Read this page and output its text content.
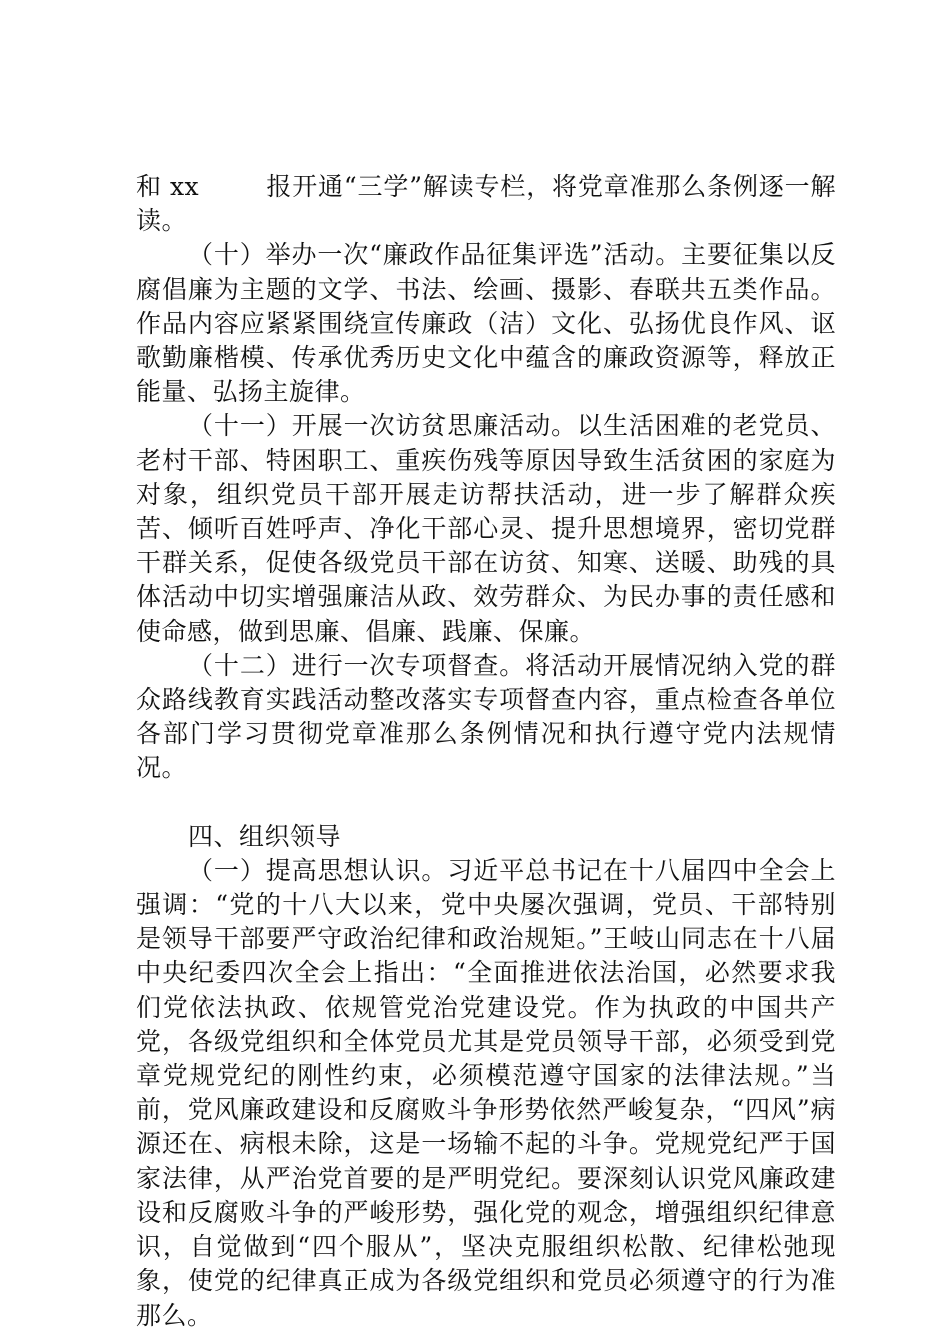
和 xx	报开通“三学”解读专栏，将党章准那么条例逐一解读。

（十）举办一次“廉政作品征集评选”活动。主要征集以反腐倡廉为主题的文学、书法、绘画、摄影、春联共五类作品。作品内容应紧紧围绕宣传廉政（洁）文化、弘扬优良作风、讴歌勤廉楷模、传承优秀历史文化中蕴含的廉政资源等，释放正能量、弘扬主旋律。

（十一）开展一次访贫思廉活动。以生活困难的老党员、老村干部、特困职工、重疾伤残等原因导致生活贫困的家庭为对象，组织党员干部开展走访帮扶活动，进一步了解群众疾苦、倾听百姓呼声、净化干部心灵、提升思想境界，密切党群干群关系，促使各级党员干部在访贫、知寒、送暖、助残的具体活动中切实增强廉洁从政、效劳群众、为民办事的责任感和使命感，做到思廉、倡廉、践廉、保廉。

（十二）进行一次专项督查。将活动开展情况纳入党的群众路线教育实践活动整改落实专项督查内容，重点检查各单位各部门学习贯彻党章准那么条例情况和执行遵守党内法规情况。

四、组织领导

（一）提高思想认识。习近平总书记在十八届四中全会上强调：“党的十八大以来，党中央屡次强调，党员、干部特别是领导干部要严守政治纪律和政治规矩。”王岐山同志在十八届中央纪委四次全会上指出：“全面推进依法治国，必然要求我们党依法执政、依规管党治党建设党。作为执政的中国共产党，各级党组织和全体党员尤其是党员领导干部，必须受到党章党规党纪的刚性约束，必须模范遵守国家的法律法规。”当前，党风廉政建设和反腐败斗争形势依然严峻复杂，“四风”病源还在、病根未除，这是一场输不起的斗争。党规党纪严于国家法律，从严治党首要的是严明党纪。要深刻认识党风廉政建设和反腐败斗争的严峻形势，强化党的观念，增强组织纪律意识，自觉做到“四个服从”，坚决克服组织松散、纪律松弛现象，使党的纪律真正成为各级党组织和党员必须遵守的行为准那么。
